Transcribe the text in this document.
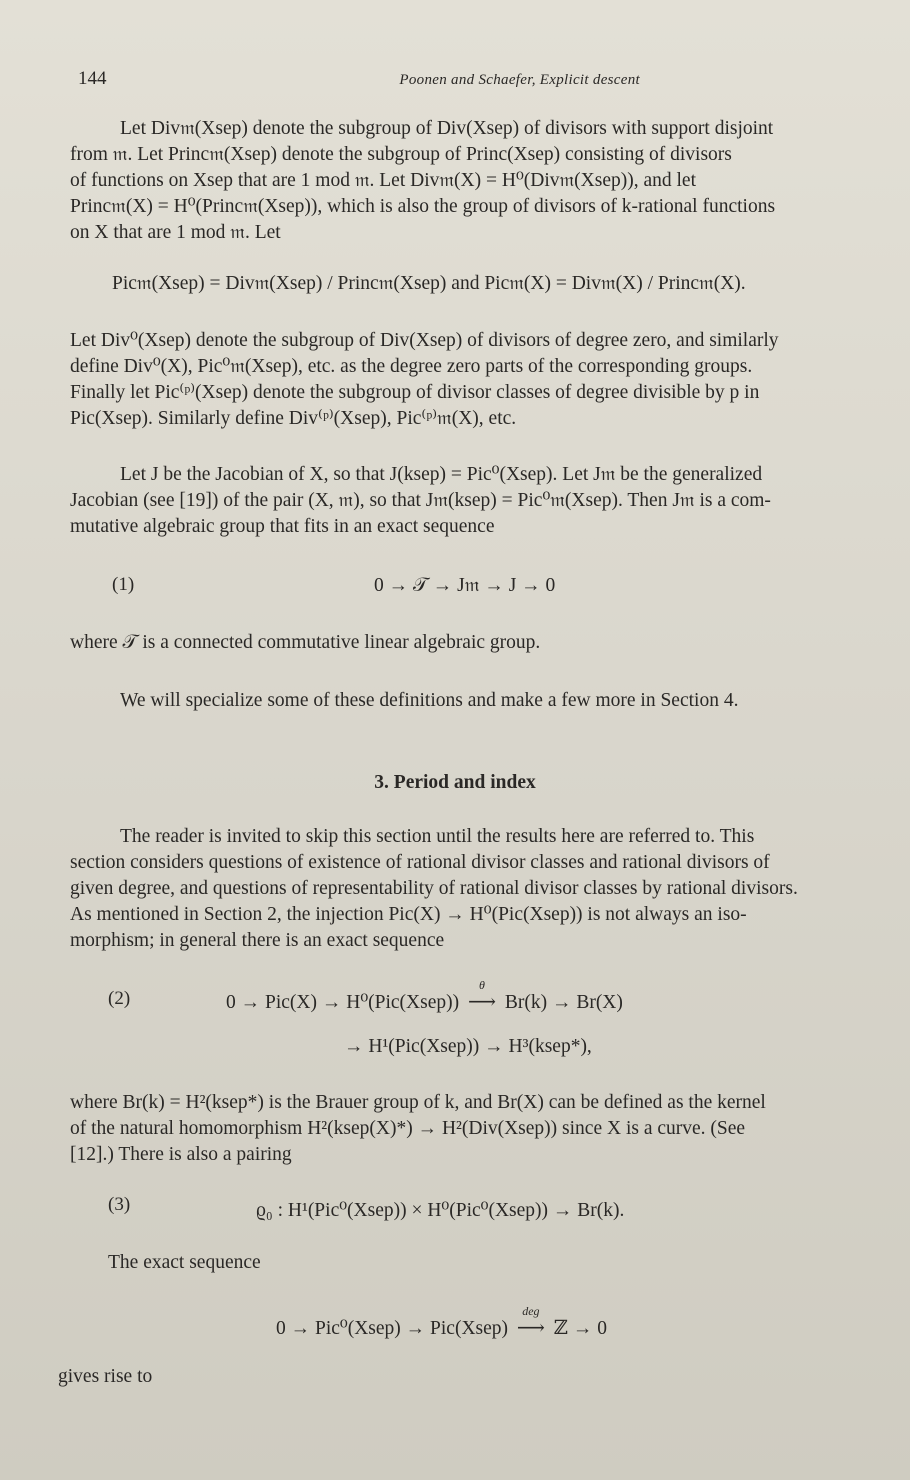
144	Poonen and Schaefer, Explicit descent

Let Div𝔪(Xsep) denote the subgroup of Div(Xsep) of divisors with support disjoint

from 𝔪. Let Princ𝔪(Xsep) denote the subgroup of Princ(Xsep) consisting of divisors

of functions on Xsep that are 1 mod 𝔪. Let Div𝔪(X) = H⁰(Div𝔪(Xsep)), and let

Princ𝔪(X) = H⁰(Princ𝔪(Xsep)), which is also the group of divisors of k-rational functions

on X that are 1 mod 𝔪. Let

Pic𝔪(Xsep) = Div𝔪(Xsep) / Princ𝔪(Xsep) and Pic𝔪(X) = Div𝔪(X) / Princ𝔪(X).

Let Div⁰(Xsep) denote the subgroup of Div(Xsep) of divisors of degree zero, and similarly

define Div⁰(X), Pic⁰𝔪(Xsep), etc. as the degree zero parts of the corresponding groups.

Finally let Pic⁽ᵖ⁾(Xsep) denote the subgroup of divisor classes of degree divisible by p in

Pic(Xsep). Similarly define Div⁽ᵖ⁾(Xsep), Pic⁽ᵖ⁾𝔪(X), etc.

Let J be the Jacobian of X, so that J(ksep) = Pic⁰(Xsep). Let J𝔪 be the generalized

Jacobian (see [19]) of the pair (X, 𝔪), so that J𝔪(ksep) = Pic⁰𝔪(Xsep). Then J𝔪 is a com-

mutative algebraic group that fits in an exact sequence

(1)	0 → 𝒯 → J𝔪 → J → 0

where 𝒯 is a connected commutative linear algebraic group.

We will specialize some of these definitions and make a few more in Section 4.

3. Period and index

The reader is invited to skip this section until the results here are referred to. This

section considers questions of existence of rational divisor classes and rational divisors of

given degree, and questions of representability of rational divisor classes by rational divisors.

As mentioned in Section 2, the injection Pic(X) → H⁰(Pic(Xsep)) is not always an iso-

morphism; in general there is an exact sequence

(2)	0 → Pic(X) → H⁰(Pic(Xsep))
θ
⟶ Br(k) → Br(X)
→ H¹(Pic(Xsep)) → H³(ksep*),

where Br(k) = H²(ksep*) is the Brauer group of k, and Br(X) can be defined as the kernel

of the natural homomorphism H²(ksep(X)*) → H²(Div(Xsep)) since X is a curve. (See

[12].) There is also a pairing

(3)	ϱ₀ : H¹(Pic⁰(Xsep)) × H⁰(Pic⁰(Xsep)) → Br(k).

The exact sequence

0 → Pic⁰(Xsep) → Pic(Xsep)
deg
⟶ ℤ → 0

gives rise to
